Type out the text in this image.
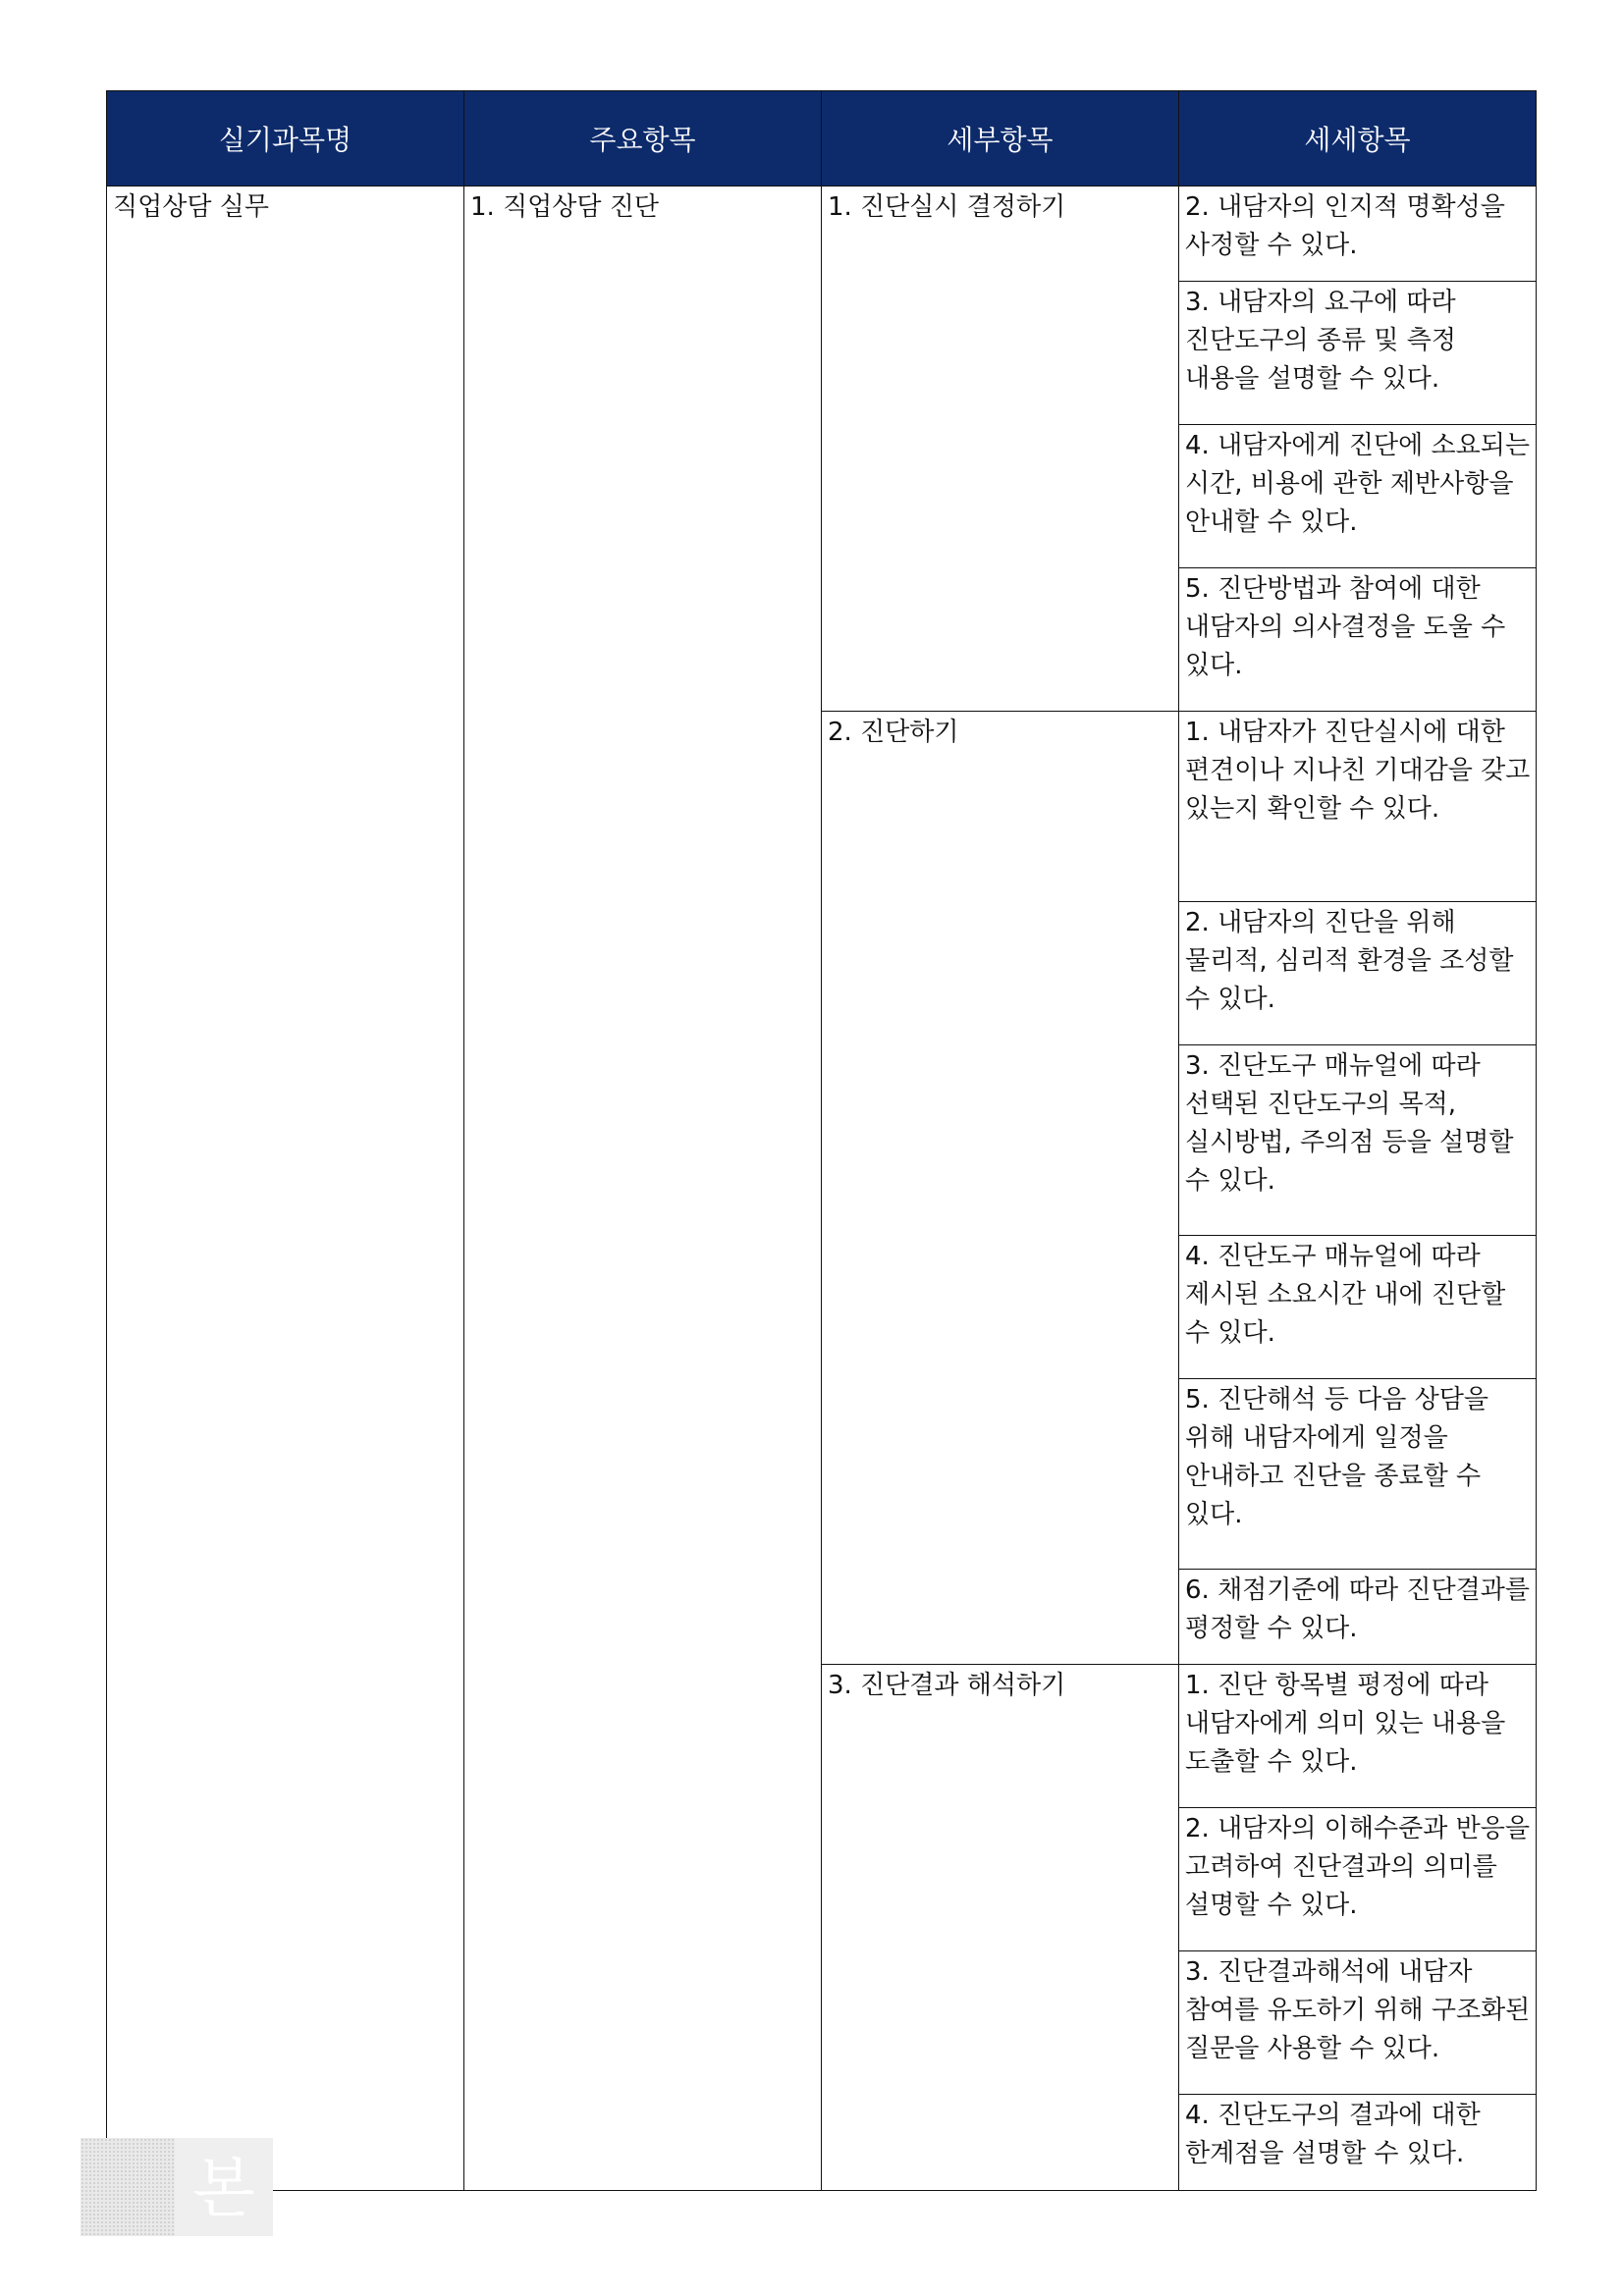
실기과목명	주요항목	세부항목	세세항목
직업상담 실무	1. 직업상담 진단	1. 진단실시 결정하기	2. 내담자의 인지적 명확성을 사정할 수 있다.
			3. 내담자의 요구에 따라 진단도구의 종류 및 측정 내용을 설명할 수 있다.
			4. 내담자에게 진단에 소요되는 시간, 비용에 관한 제반사항을 안내할 수 있다.
			5. 진단방법과 참여에 대한 내담자의 의사결정을 도울 수 있다.
		2. 진단하기	1. 내담자가 진단실시에 대한 편견이나 지나친 기대감을 갖고 있는지 확인할 수 있다.
			2. 내담자의 진단을 위해 물리적, 심리적 환경을 조성할 수 있다.
			3. 진단도구 매뉴얼에 따라 선택된 진단도구의 목적, 실시방법, 주의점 등을 설명할 수 있다.
			4. 진단도구 매뉴얼에 따라 제시된 소요시간 내에 진단할 수 있다.
			5. 진단해석 등 다음 상담을 위해 내담자에게 일정을 안내하고 진단을 종료할 수 있다.
			6. 채점기준에 따라 진단결과를 평정할 수 있다.
		3. 진단결과 해석하기	1. 진단 항목별 평정에 따라 내담자에게 의미 있는 내용을 도출할 수 있다.
			2. 내담자의 이해수준과 반응을 고려하여 진단결과의 의미를 설명할 수 있다.
			3. 진단결과해석에 내담자 참여를 유도하기 위해 구조화된 질문을 사용할 수 있다.
			4. 진단도구의 결과에 대한 한계점을 설명할 수 있다.
본
